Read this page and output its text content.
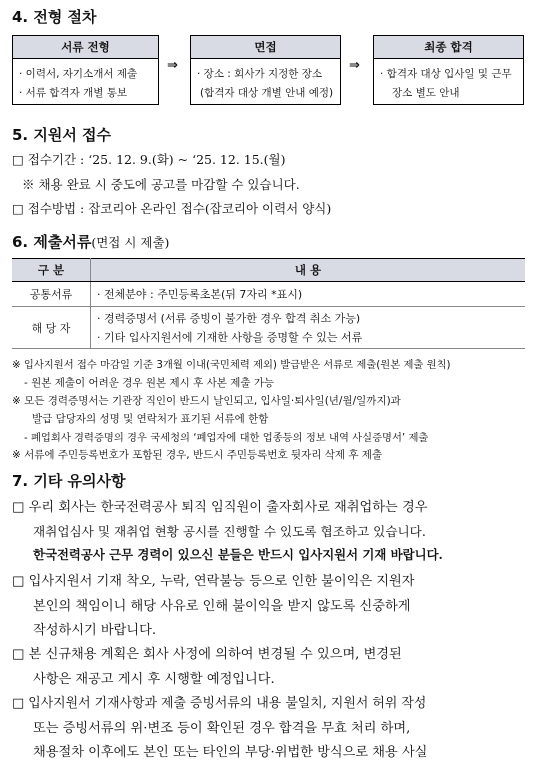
4. 전형 절차
서류 전형
· 이력서, 자기소개서 제출
· 서류 합격자 개별 통보
⇒
면접
· 장소 : 회사가 지정한 장소
(합격자 대상 개별 안내 예정)
⇒
최종 합격
· 합격자 대상 입사일 및 근무
장소 별도 안내
5. 지원서 접수
□ 접수기간 : ‘25. 12. 9.(화) ~ ‘25. 12. 15.(월)
※ 채용 완료 시 중도에 공고를 마감할 수 있습니다.
□ 접수방법 : 잡코리아 온라인 접수(잡코리아 이력서 양식)
6. 제출서류(면접 시 제출)
구 분	내 용
공통서류	· 전체분야 : 주민등록초본(뒤 7자리 *표시)
해 당 자	· 경력증명서 (서류 증빙이 불가한 경우 합격 취소 가능)
· 기타 입사지원서에 기재한 사항을 증명할 수 있는 서류
※ 입사지원서 접수 마감일 기준 3개월 이내(국민체력 제외) 발급받은 서류로 제출(원본 제출 원칙)
- 원본 제출이 어려운 경우 원본 제시 후 사본 제출 가능
※ 모든 경력증명서는 기관장 직인이 반드시 날인되고, 입사일·퇴사일(년/월/일까지)과
발급 담당자의 성명 및 연락처가 표기된 서류에 한함
- 폐업회사 경력증명의 경우 국세청의 ‘폐업자에 대한 업종등의 정보 내역 사실증명서’ 제출
※ 서류에 주민등록번호가 포함된 경우, 반드시 주민등록번호 뒷자리 삭제 후 제출
7. 기타 유의사항
□ 우리 회사는 한국전력공사 퇴직 임직원이 출자회사로 재취업하는 경우
재취업심사 및 재취업 현황 공시를 진행할 수 있도록 협조하고 있습니다.
한국전력공사 근무 경력이 있으신 분들은 반드시 입사지원서 기재 바랍니다.
□ 입사지원서 기재 착오, 누락, 연락불능 등으로 인한 불이익은 지원자
본인의 책임이니 해당 사유로 인해 불이익을 받지 않도록 신중하게
작성하시기 바랍니다.
□ 본 신규채용 계획은 회사 사정에 의하여 변경될 수 있으며, 변경된
사항은 재공고 게시 후 시행할 예정입니다.
□ 입사지원서 기재사항과 제출 증빙서류의 내용 불일치, 지원서 허위 작성
또는 증빙서류의 위·변조 등이 확인된 경우 합격을 무효 처리 하며,
채용절차 이후에도 본인 또는 타인의 부당·위법한 방식으로 채용 사실
